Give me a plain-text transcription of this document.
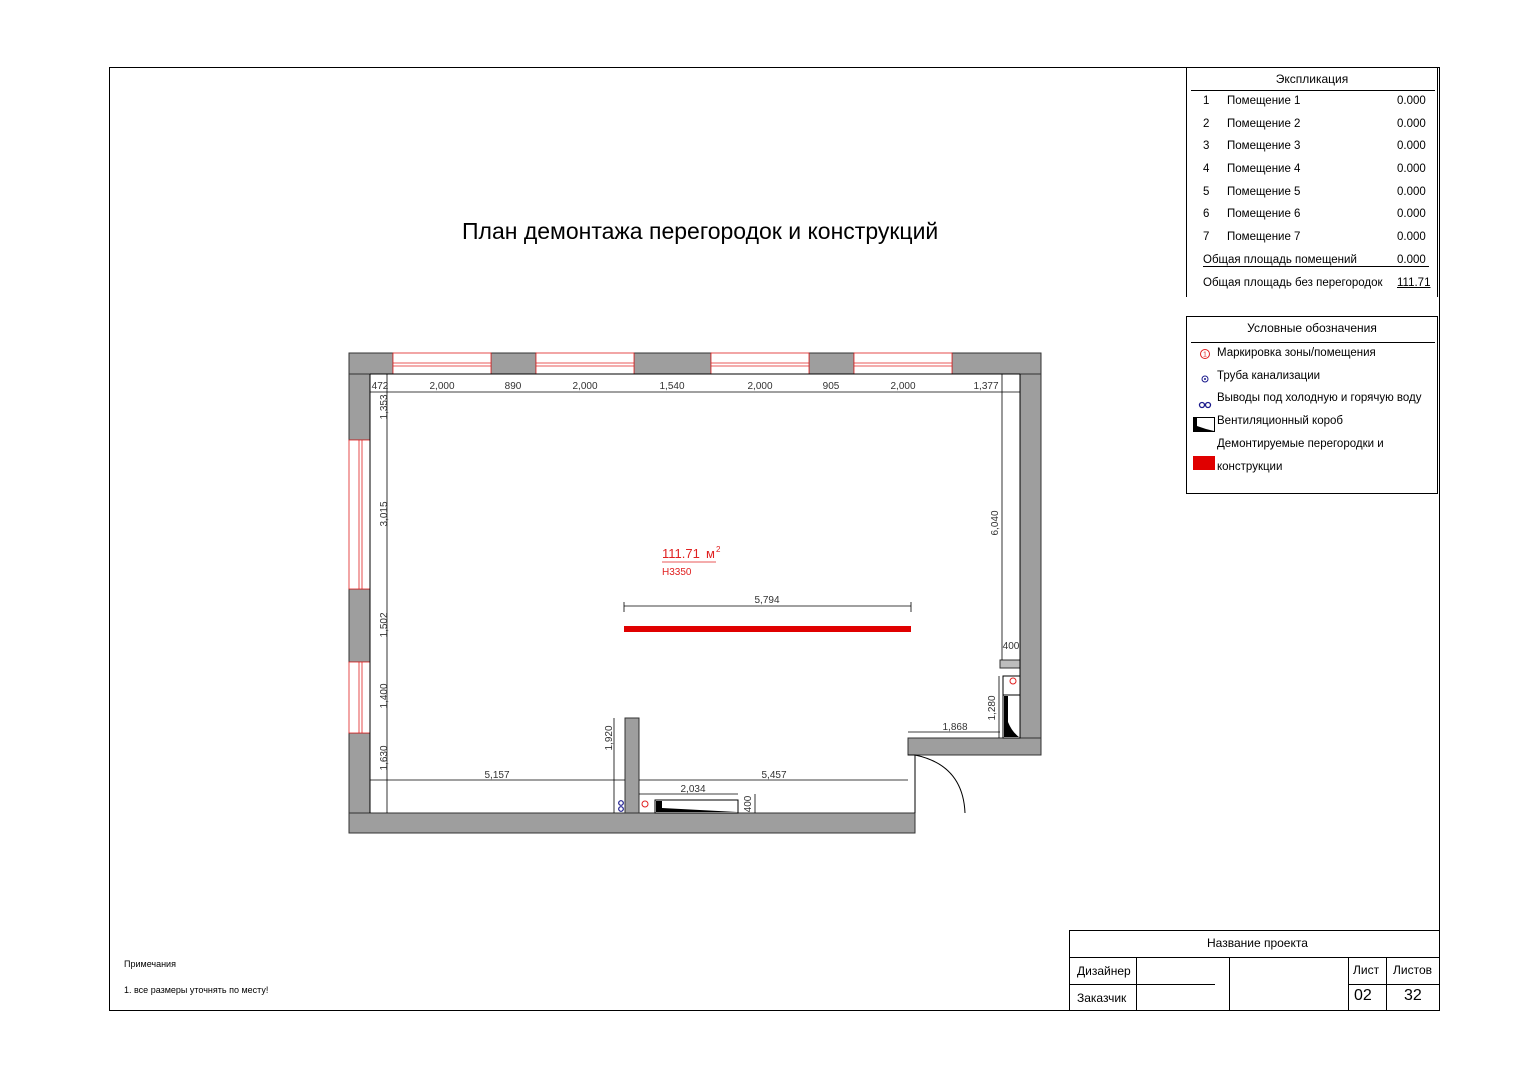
План демонтажа перегородок и конструкций
Экспликация
1 Помещение 1	0.000
2 Помещение 2	0.000
3 Помещение 3	0.000
4 Помещение 4	0.000
5 Помещение 5	0.000
6 Помещение 6	0.000
7 Помещение 7	0.000
Общая площадь помещений	0.000
Общая площадь без перегородок 111.71
Условные обозначения
1 Маркировка зоны/помещения
Труба канализации
Выводы под холодную и горячую воду
Вентиляционный короб
Демонтируемые перегородки и
конструкции
472	2,000	890	2,000	1,540	2,000	905	2,000	1,377
1,353
3,015
1,502
1,400
1,630
6,040
400
1,280
5,794
5,157	5,457
2,034
400
1,920	1,868
111.71 м 2
Н3350
Примечания
1. все размеры уточнять по месту!
Название проекта
Дизайнер
Заказчик
Лист Листов
02 32
